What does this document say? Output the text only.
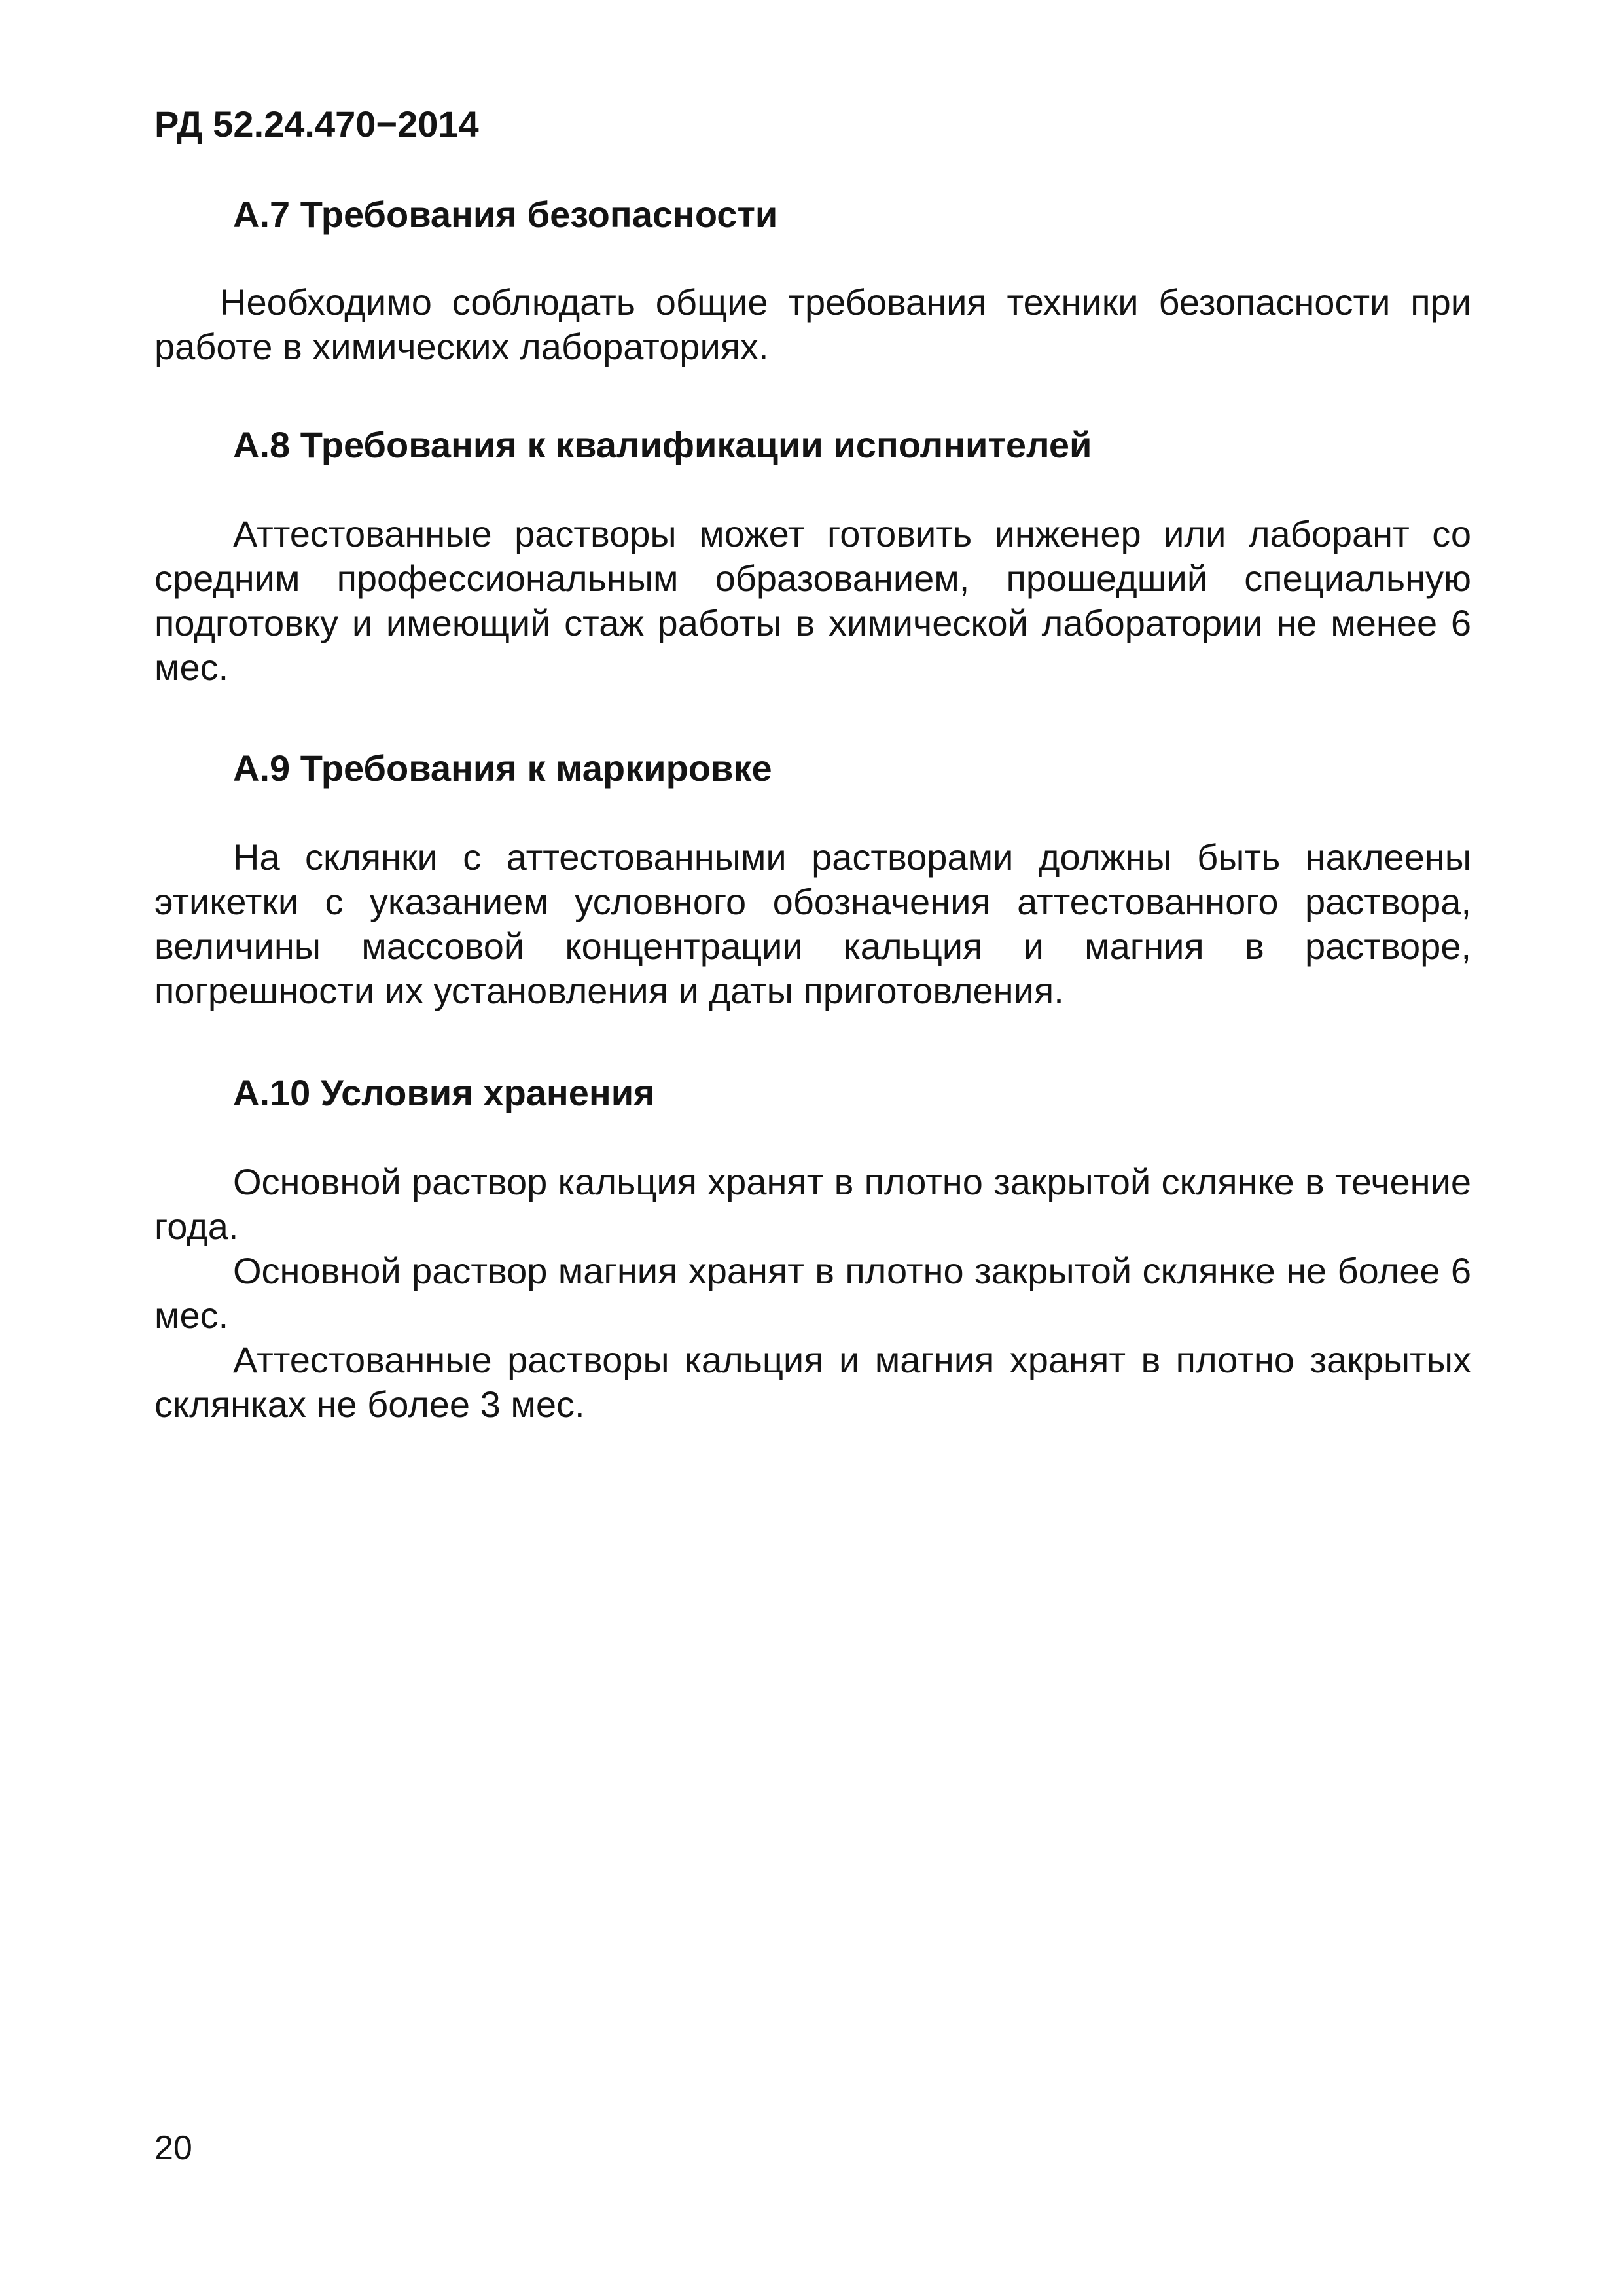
РД 52.24.470−2014

А.7 Требования безопасности

Необходимо соблюдать общие требования техники безопасности при работе в химических лабораториях.

А.8 Требования к квалификации исполнителей

Аттестованные растворы может готовить инженер или лаборант со средним профессиональным образованием, прошедший специальную подготовку и имеющий стаж работы в химической лаборатории не менее 6 мес.

А.9 Требования к маркировке

На склянки с аттестованными растворами должны быть наклеены этикетки с указанием условного обозначения аттестованного раствора, величины массовой концентрации кальция и магния в растворе, погрешности их установления и даты приготовления.

А.10 Условия хранения

Основной раствор кальция хранят в плотно закрытой склянке в течение года.

Основной раствор магния хранят в плотно закрытой склянке не более 6 мес.

Аттестованные растворы кальция и магния хранят в плотно закрытых склянках не более 3 мес.

20
